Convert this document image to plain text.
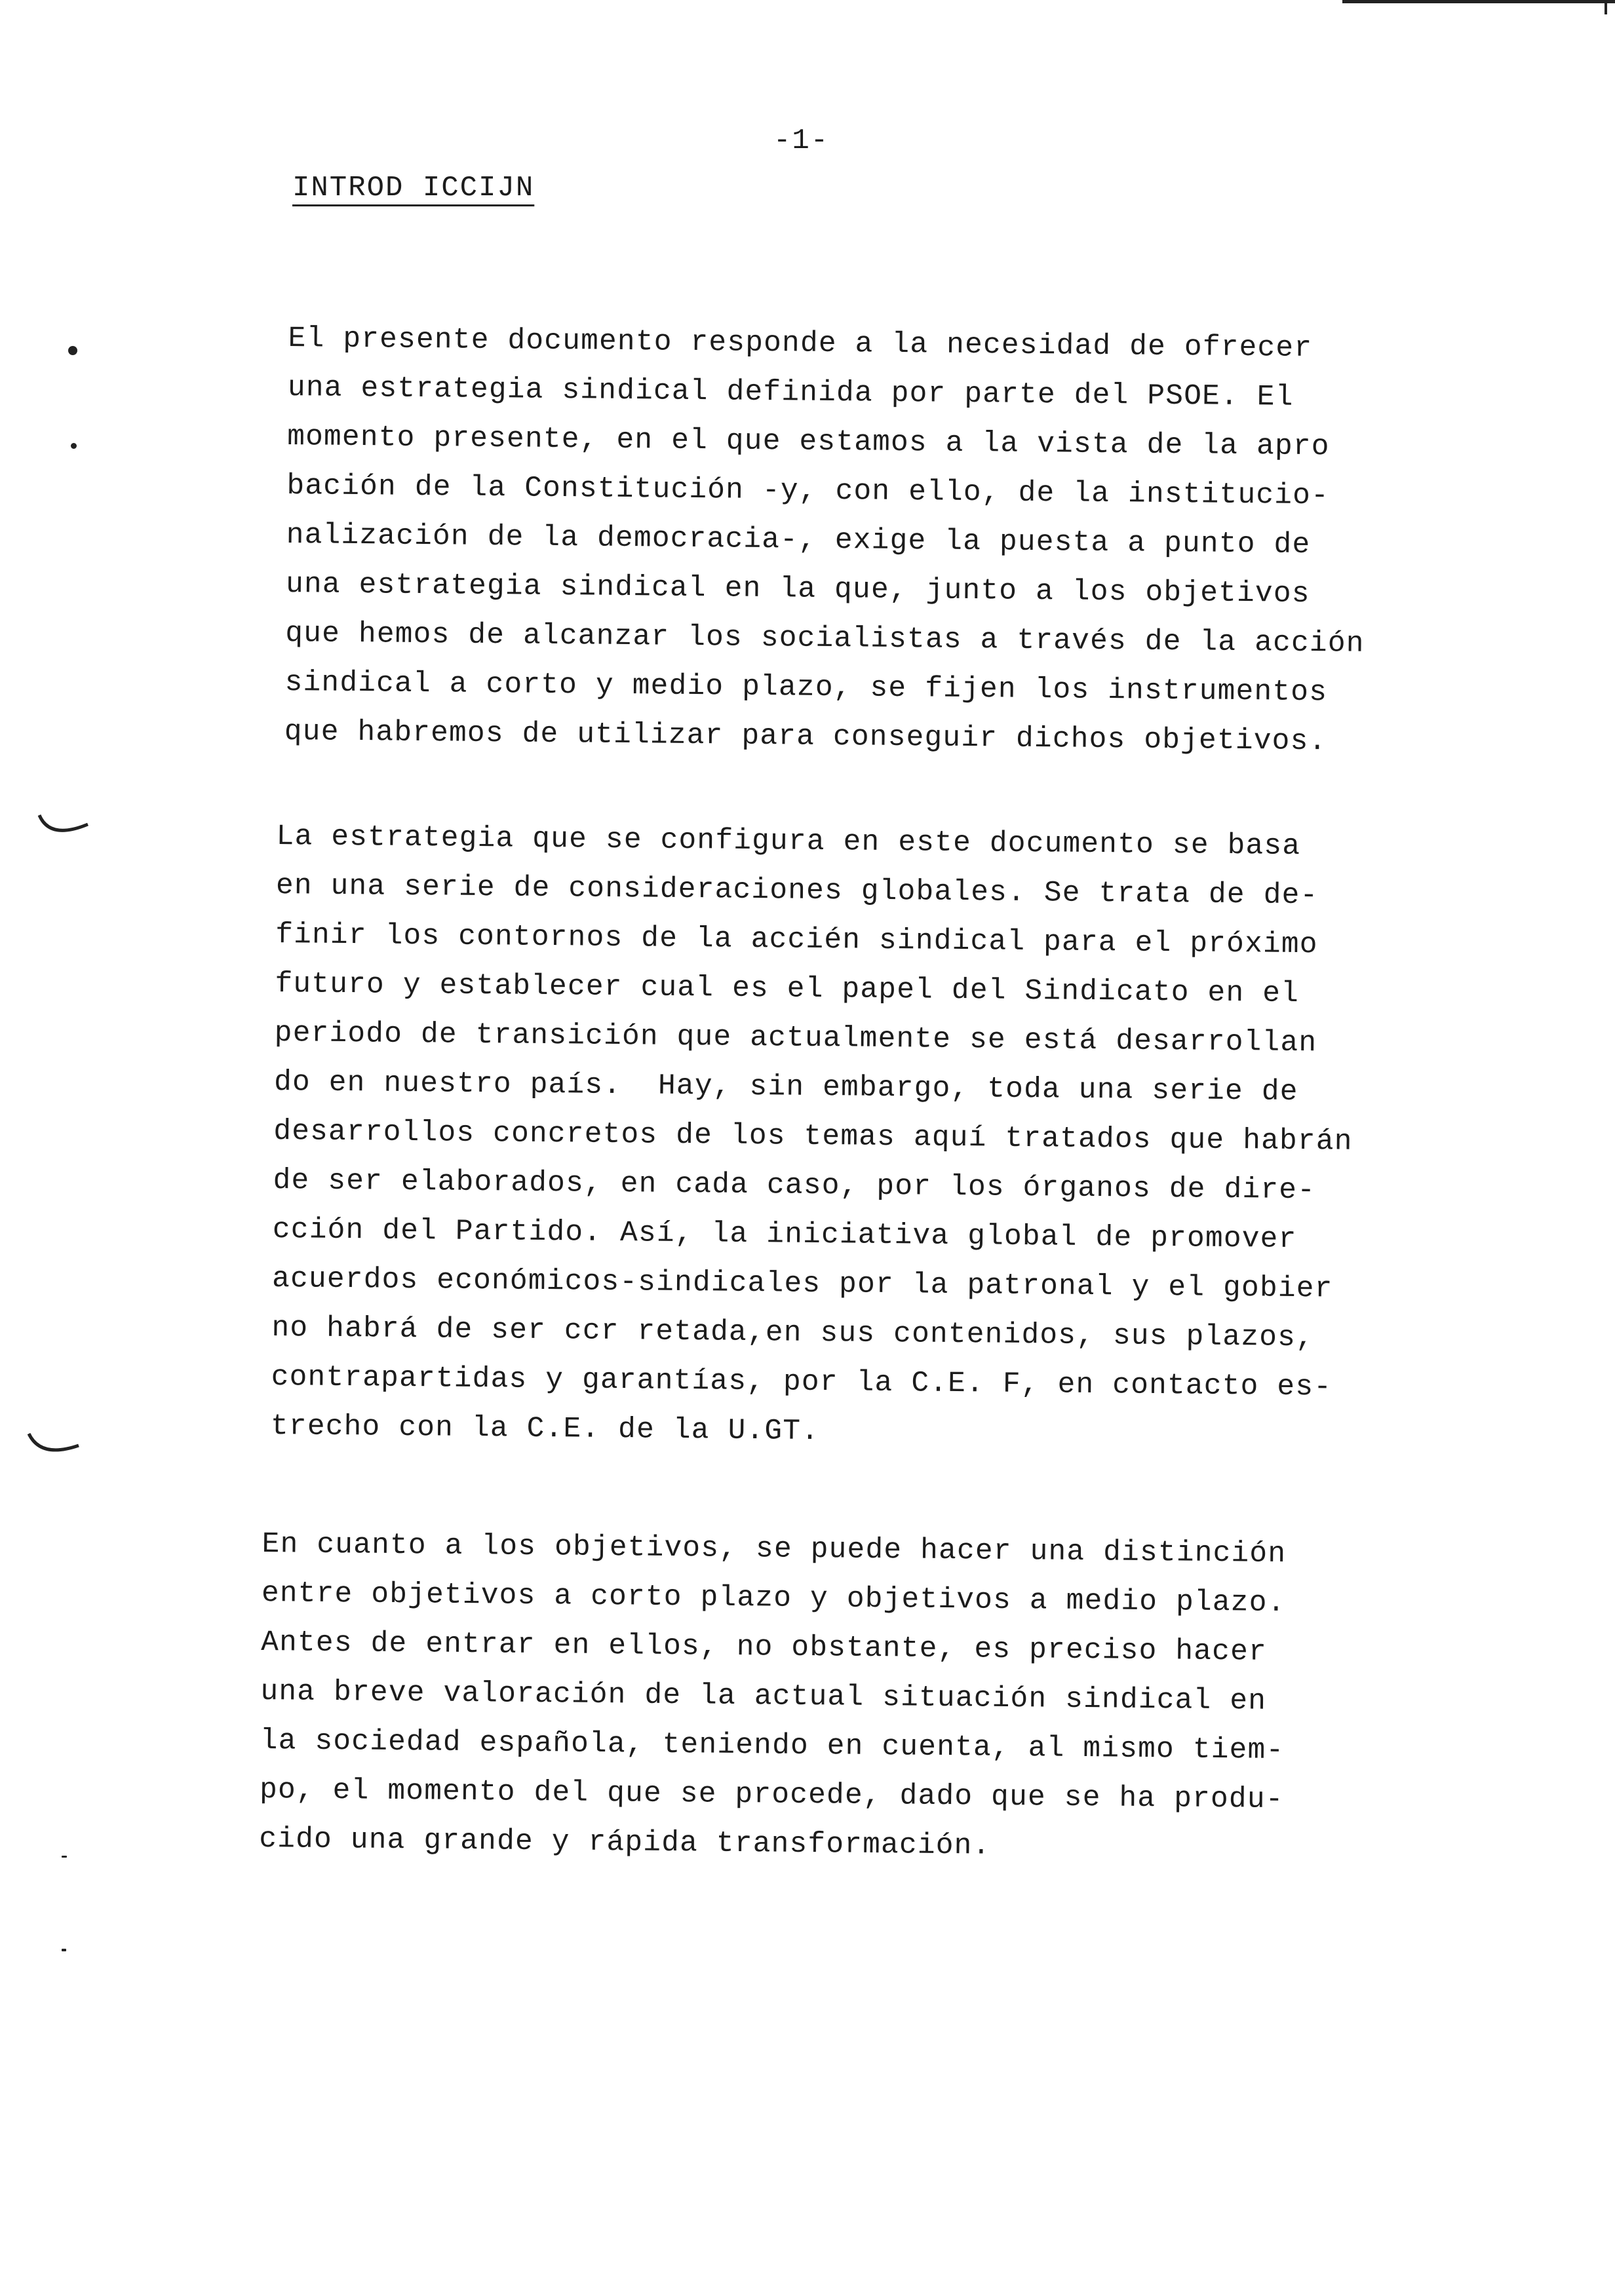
-1-
INTROD ICCIJN
El presente documento responde a la necesidad de ofrecer
una estrategia sindical definida por parte del PSOE. El
momento presente, en el que estamos a la vista de la apro
bación de la Constitución -y, con ello, de la institucio-
nalización de la democracia-, exige la puesta a punto de
una estrategia sindical en la que, junto a los objetivos
que hemos de alcanzar los socialistas a través de la acción
sindical a corto y medio plazo, se fijen los instrumentos
que habremos de utilizar para conseguir dichos objetivos.
La estrategia que se configura en este documento se basa
en una serie de consideraciones globales. Se trata de de-
finir los contornos de la accién sindical para el próximo
futuro y establecer cual es el papel del Sindicato en el
periodo de transición que actualmente se está desarrollan
do en nuestro país.  Hay, sin embargo, toda una serie de
desarrollos concretos de los temas aquí tratados que habrán
de ser elaborados, en cada caso, por los órganos de dire-
cción del Partido. Así, la iniciativa global de promover
acuerdos económicos-sindicales por la patronal y el gobier
no habrá de ser ccr retada,en sus contenidos, sus plazos,
contrapartidas y garantías, por la C.E. F, en contacto es-
trecho con la C.E. de la U.GT.
En cuanto a los objetivos, se puede hacer una distinción
entre objetivos a corto plazo y objetivos a medio plazo.
Antes de entrar en ellos, no obstante, es preciso hacer
una breve valoración de la actual situación sindical en
la sociedad española, teniendo en cuenta, al mismo tiem-
po, el momento del que se procede, dado que se ha produ-
cido una grande y rápida transformación.
